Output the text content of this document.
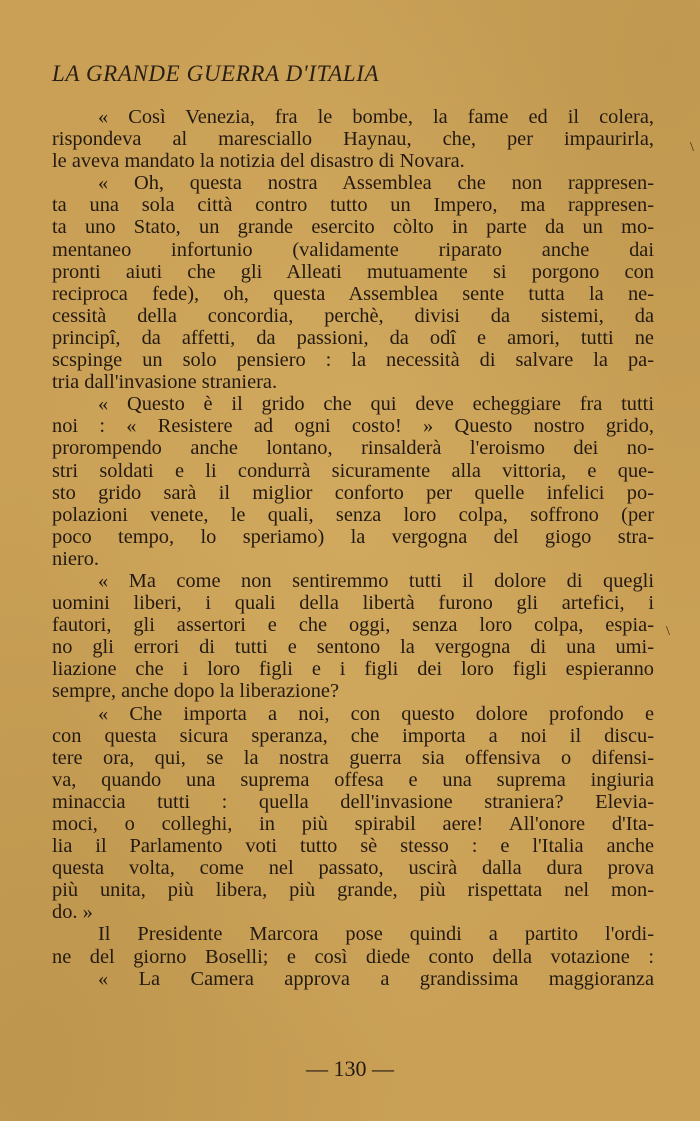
LA GRANDE GUERRA D'ITALIA
« Così Venezia, fra le bombe, la fame ed il colera,
rispondeva al maresciallo Haynau, che, per impaurirla,
le aveva mandato la notizia del disastro di Novara.
« Oh, questa nostra Assemblea che non rappresen-
ta una sola città contro tutto un Impero, ma rappresen-
ta uno Stato, un grande esercito còlto in parte da un mo-
mentaneo infortunio (validamente riparato anche dai
pronti aiuti che gli Alleati mutuamente si porgono con
reciproca fede), oh, questa Assemblea sente tutta la ne-
cessità della concordia, perchè, divisi da sistemi, da
principî, da affetti, da passioni, da odî e amori, tutti ne
scspinge un solo pensiero : la necessità di salvare la pa-
tria dall'invasione straniera.
« Questo è il grido che qui deve echeggiare fra tutti
noi : « Resistere ad ogni costo! » Questo nostro grido,
prorompendo anche lontano, rinsalderà l'eroismo dei no-
stri soldati e li condurrà sicuramente alla vittoria, e que-
sto grido sarà il miglior conforto per quelle infelici po-
polazioni venete, le quali, senza loro colpa, soffrono (per
poco tempo, lo speriamo) la vergogna del giogo stra-
niero.
« Ma come non sentiremmo tutti il dolore di quegli
uomini liberi, i quali della libertà furono gli artefici, i
fautori, gli assertori e che oggi, senza loro colpa, espia-
no gli errori di tutti e sentono la vergogna di una umi-
liazione che i loro figli e i figli dei loro figli espieranno
sempre, anche dopo la liberazione?
« Che importa a noi, con questo dolore profondo e
con questa sicura speranza, che importa a noi il discu-
tere ora, qui, se la nostra guerra sia offensiva o difensi-
va, quando una suprema offesa e una suprema ingiuria
minaccia tutti : quella dell'invasione straniera? Elevia-
moci, o colleghi, in più spirabil aere! All'onore d'Ita-
lia il Parlamento voti tutto sè stesso : e l'Italia anche
questa volta, come nel passato, uscirà dalla dura prova
più unita, più libera, più grande, più rispettata nel mon-
do. »
Il Presidente Marcora pose quindi a partito l'ordi-
ne del giorno Boselli; e così diede conto della votazione :
« La Camera approva a grandissima maggioranza
— 130 —
\
\
